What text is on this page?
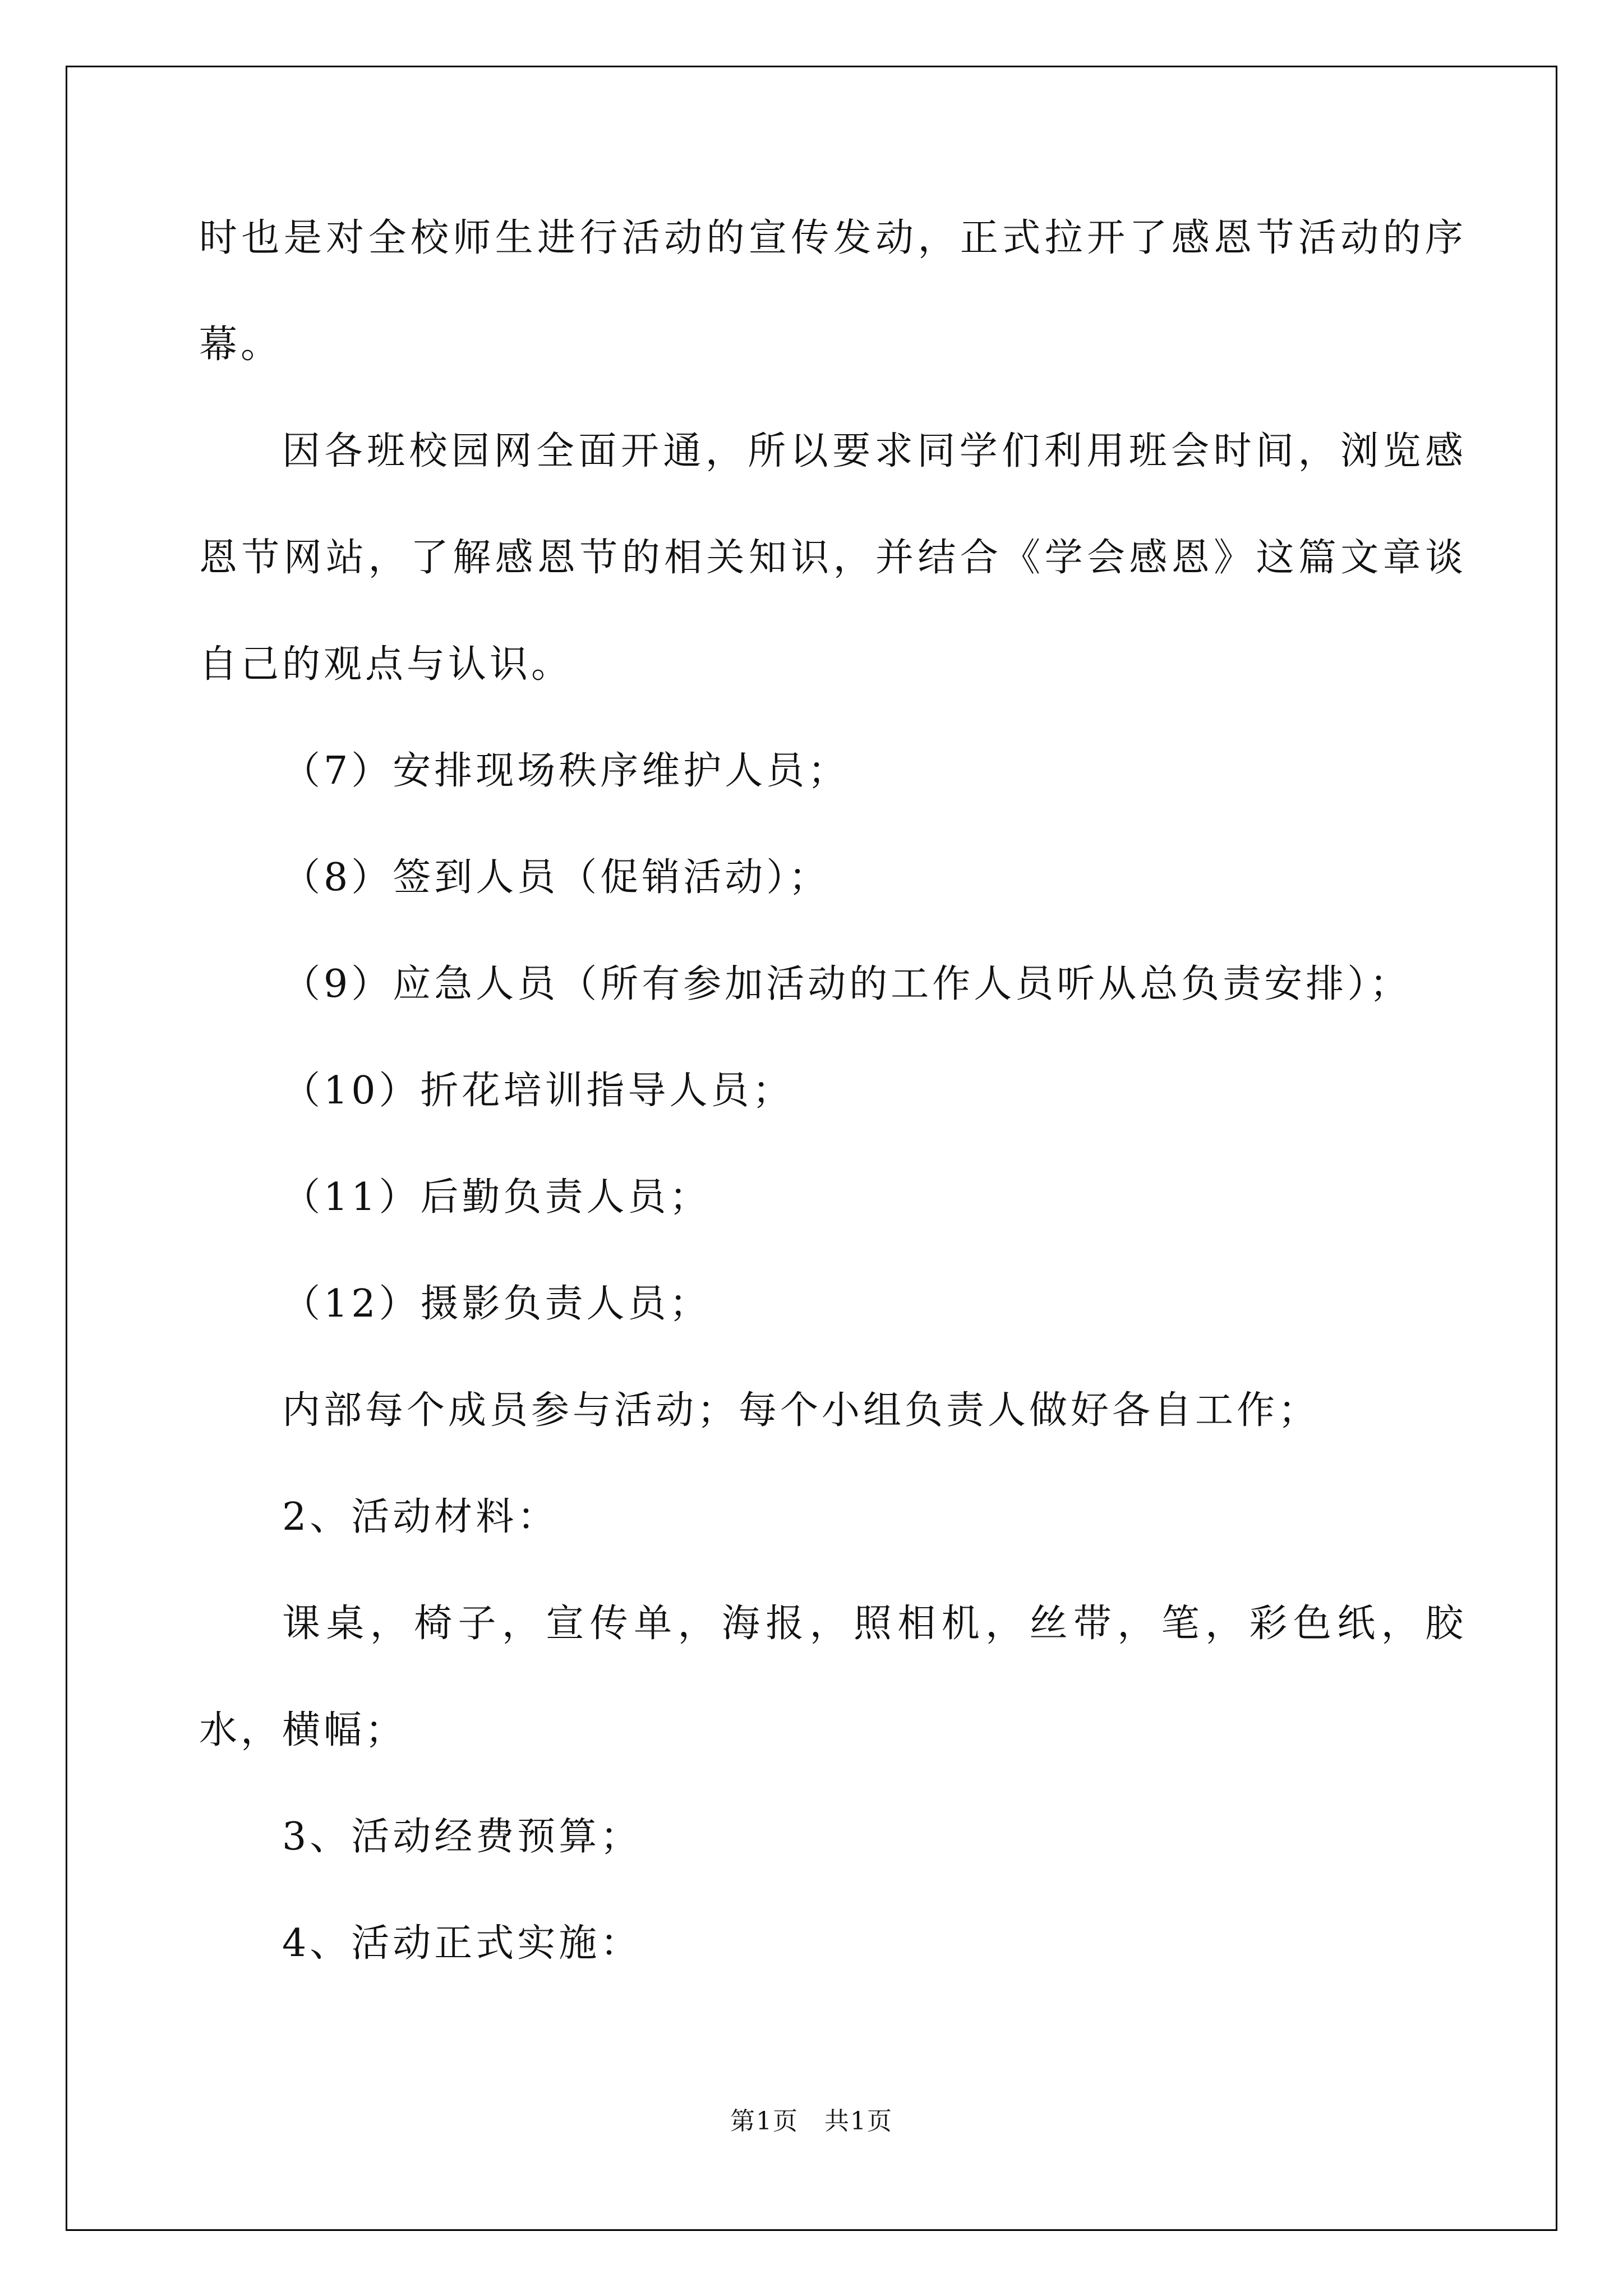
时也是对全校师生进行活动的宣传发动，正式拉开了感恩节活动的序幕。

因各班校园网全面开通，所以要求同学们利用班会时间，浏览感恩节网站，了解感恩节的相关知识，并结合《学会感恩》这篇文章谈自己的观点与认识。

（7）安排现场秩序维护人员；

（8）签到人员（促销活动）；

（9）应急人员（所有参加活动的工作人员听从总负责安排）；

（10）折花培训指导人员；

（11）后勤负责人员；

（12）摄影负责人员；

内部每个成员参与活动；每个小组负责人做好各自工作；

2、活动材料：

课桌，椅子，宣传单，海报，照相机，丝带，笔，彩色纸，胶水，横幅；

3、活动经费预算；

4、活动正式实施：

第1页　共1页
